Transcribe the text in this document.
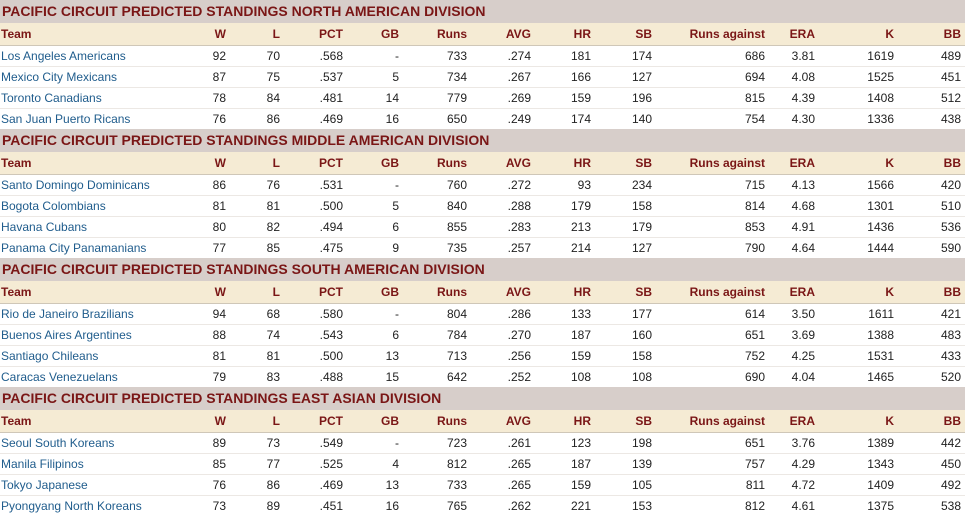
PACIFIC CIRCUIT PREDICTED STANDINGS NORTH AMERICAN DIVISION
Team	W	L	PCT	GB	Runs	AVG	HR	SB	Runs against	ERA	K	BB
Los Angeles Americans	92	70	.568	-	733	.274	181	174	686	3.81	1619	489
Mexico City Mexicans	87	75	.537	5	734	.267	166	127	694	4.08	1525	451
Toronto Canadians	78	84	.481	14	779	.269	159	196	815	4.39	1408	512
San Juan Puerto Ricans	76	86	.469	16	650	.249	174	140	754	4.30	1336	438
PACIFIC CIRCUIT PREDICTED STANDINGS MIDDLE AMERICAN DIVISION
Team	W	L	PCT	GB	Runs	AVG	HR	SB	Runs against	ERA	K	BB
Santo Domingo Dominicans	86	76	.531	-	760	.272	93	234	715	4.13	1566	420
Bogota Colombians	81	81	.500	5	840	.288	179	158	814	4.68	1301	510
Havana Cubans	80	82	.494	6	855	.283	213	179	853	4.91	1436	536
Panama City Panamanians	77	85	.475	9	735	.257	214	127	790	4.64	1444	590
PACIFIC CIRCUIT PREDICTED STANDINGS SOUTH AMERICAN DIVISION
Team	W	L	PCT	GB	Runs	AVG	HR	SB	Runs against	ERA	K	BB
Rio de Janeiro Brazilians	94	68	.580	-	804	.286	133	177	614	3.50	1611	421
Buenos Aires Argentines	88	74	.543	6	784	.270	187	160	651	3.69	1388	483
Santiago Chileans	81	81	.500	13	713	.256	159	158	752	4.25	1531	433
Caracas Venezuelans	79	83	.488	15	642	.252	108	108	690	4.04	1465	520
PACIFIC CIRCUIT PREDICTED STANDINGS EAST ASIAN DIVISION
Team	W	L	PCT	GB	Runs	AVG	HR	SB	Runs against	ERA	K	BB
Seoul South Koreans	89	73	.549	-	723	.261	123	198	651	3.76	1389	442
Manila Filipinos	85	77	.525	4	812	.265	187	139	757	4.29	1343	450
Tokyo Japanese	76	86	.469	13	733	.265	159	105	811	4.72	1409	492
Pyongyang North Koreans	73	89	.451	16	765	.262	221	153	812	4.61	1375	538
